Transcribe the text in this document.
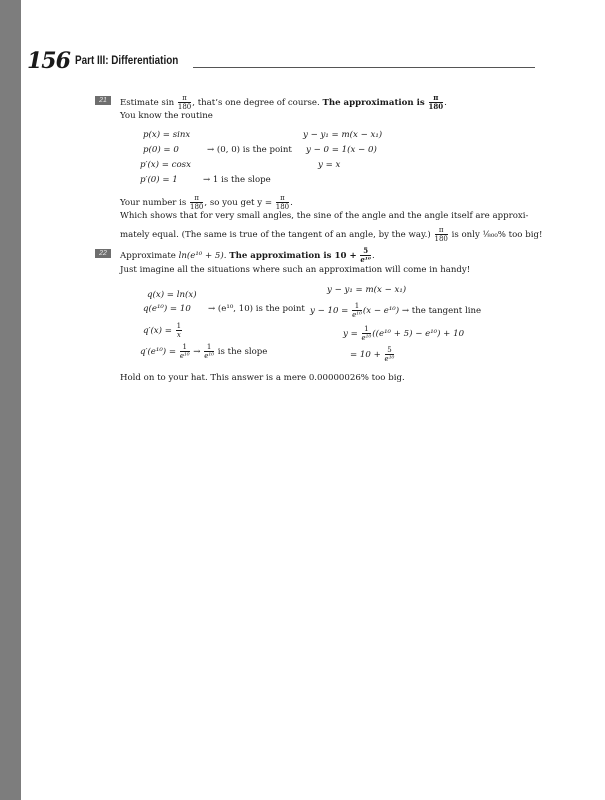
156 Part III: Differentiation
21	Estimate $\sin \frac{\pi}{180}$ , that’s one degree of course. The approximation is $\frac{\pi}{180}$ .
You know the routine
p(x) = sinx
p(0) = 0	→ (0, 0) is the point
p′(x) = cosx
p′(0) = 1	→ 1 is the slope
y − y₁ = m(x − x₁)
y − 0 = 1(x − 0)
y = x
Your number is $\frac{\pi}{180}$ , so you get $y = \frac{\pi}{180}$ .
Which shows that for very small angles, the sine of the angle and the angle itself are approxi-
mately equal. (The same is true of the tangent of an angle, by the $way.) \frac{\pi}{180}$ is only ⅛₀₀% too big!
22	Approximate ln(e¹⁰ + 5). The approximation is $10 + \frac{5}{\text{e¹⁰}}$ .
Just imagine all the situations where such an approximation will come in handy!
q(x) = ln(x)
q(e¹⁰) = 10 → (e¹⁰, 10) is the point
$q'(x) = \frac{1}{x}$
$q'(e^{10}) = \frac{1}{\text{e¹⁰}} \to \frac{1}{\text{e¹⁰}}$ is the slope
y − y₁ = m(x − x₁)
$y - 10 = \frac{1}{\text{e¹⁰}} (x - e^{10})$ → the tangent line
$y = \frac{1}{\text{e¹⁰}} ((e^{10} + 5) - e^{10}) + 10$
= $10 + \frac{5}{\text{e¹⁰}}$
Hold on to your hat. This answer is a mere 0.00000026% too big.
